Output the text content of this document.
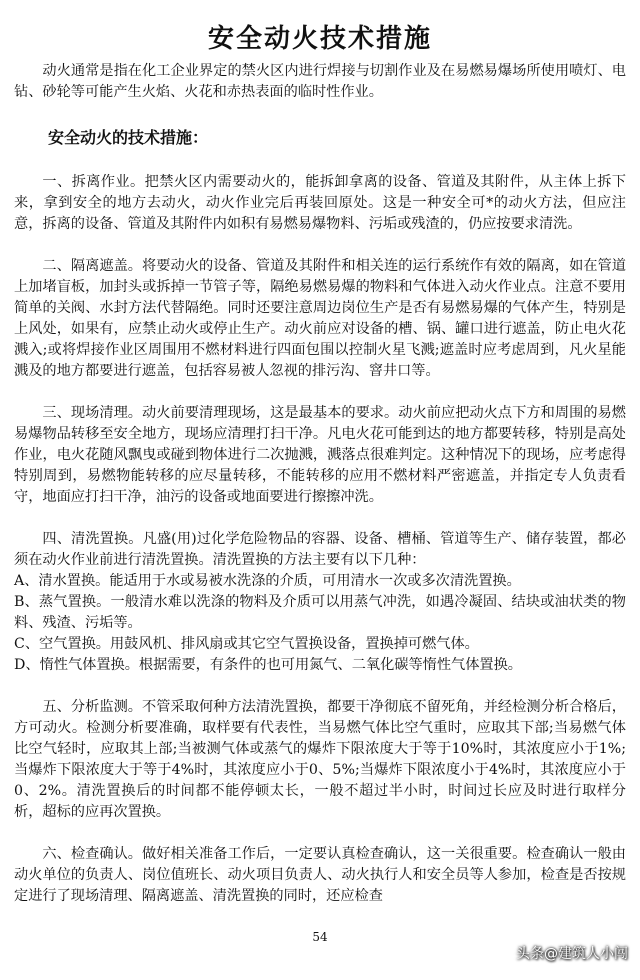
安全动火技术措施

动火通常是指在化工企业界定的禁火区内进行焊接与切割作业及在易燃易爆场所使用喷灯、电钻、砂轮等可能产生火焰、火花和赤热表面的临时性作业。

安全动火的技术措施：

一、拆离作业。把禁火区内需要动火的，能拆卸拿离的设备、管道及其附件，从主体上拆下来，拿到安全的地方去动火，动火作业完后再装回原处。这是一种安全可*的动火方法，但应注意，拆离的设备、管道及其附件内如积有易燃易爆物料、污垢或残渣的，仍应按要求清洗。

二、隔离遮盖。将要动火的设备、管道及其附件和相关连的运行系统作有效的隔离，如在管道上加堵盲板，加封头或拆掉一节管子等，隔绝易燃易爆的物料和气体进入动火作业点。注意不要用简单的关阀、水封方法代替隔绝。同时还要注意周边岗位生产是否有易燃易爆的气体产生，特别是上风处，如果有，应禁止动火或停止生产。动火前应对设备的槽、锅、罐口进行遮盖，防止电火花溅入;或将焊接作业区周围用不燃材料进行四面包围以控制火星飞溅;遮盖时应考虑周到，凡火星能溅及的地方都要进行遮盖，包括容易被人忽视的排污沟、窨井口等。

三、现场清理。动火前要清理现场，这是最基本的要求。动火前应把动火点下方和周围的易燃易爆物品转移至安全地方，现场应清理打扫干净。凡电火花可能到达的地方都要转移，特别是高处作业，电火花随风飘曳或碰到物体进行二次抛溅，溅落点很难判定。这种情况下的现场，应考虑得特别周到，易燃物能转移的应尽量转移，不能转移的应用不燃材料严密遮盖，并指定专人负责看守，地面应打扫干净，油污的设备或地面要进行擦擦冲洗。

四、清洗置换。凡盛(用)过化学危险物品的容器、设备、槽桶、管道等生产、储存装置，都必须在动火作业前进行清洗置换。清洗置换的方法主要有以下几种：

A、清水置换。能适用于水或易被水洗涤的介质，可用清水一次或多次清洗置换。

B、蒸气置换。一般清水难以洗涤的物料及介质可以用蒸气冲洗，如遇冷凝固、结块或油状类的物料、残渣、污垢等。

C、空气置换。用鼓风机、排风扇或其它空气置换设备，置换掉可燃气体。

D、惰性气体置换。根据需要，有条件的也可用氮气、二氧化碳等惰性气体置换。

五、分析监测。不管采取何种方法清洗置换，都要干净彻底不留死角，并经检测分析合格后，方可动火。检测分析要准确，取样要有代表性，当易燃气体比空气重时，应取其下部;当易燃气体比空气轻时，应取其上部;当被测气体或蒸气的爆炸下限浓度大于等于10%时，其浓度应小于1%;当爆炸下限浓度大于等于4%时，其浓度应小于0、5%;当爆炸下限浓度小于4%时，其浓度应小于0、2%。清洗置换后的时间都不能停顿太长，一般不超过半小时，时间过长应及时进行取样分析，超标的应再次置换。

六、检查确认。做好相关准备工作后，一定要认真检查确认，这一关很重要。检查确认一般由动火单位的负责人、岗位值班长、动火项目负责人、动火执行人和安全员等人参加，检查是否按规定进行了现场清理、隔离遮盖、清洗置换的同时，还应检查

54
头条@建筑人小闯
